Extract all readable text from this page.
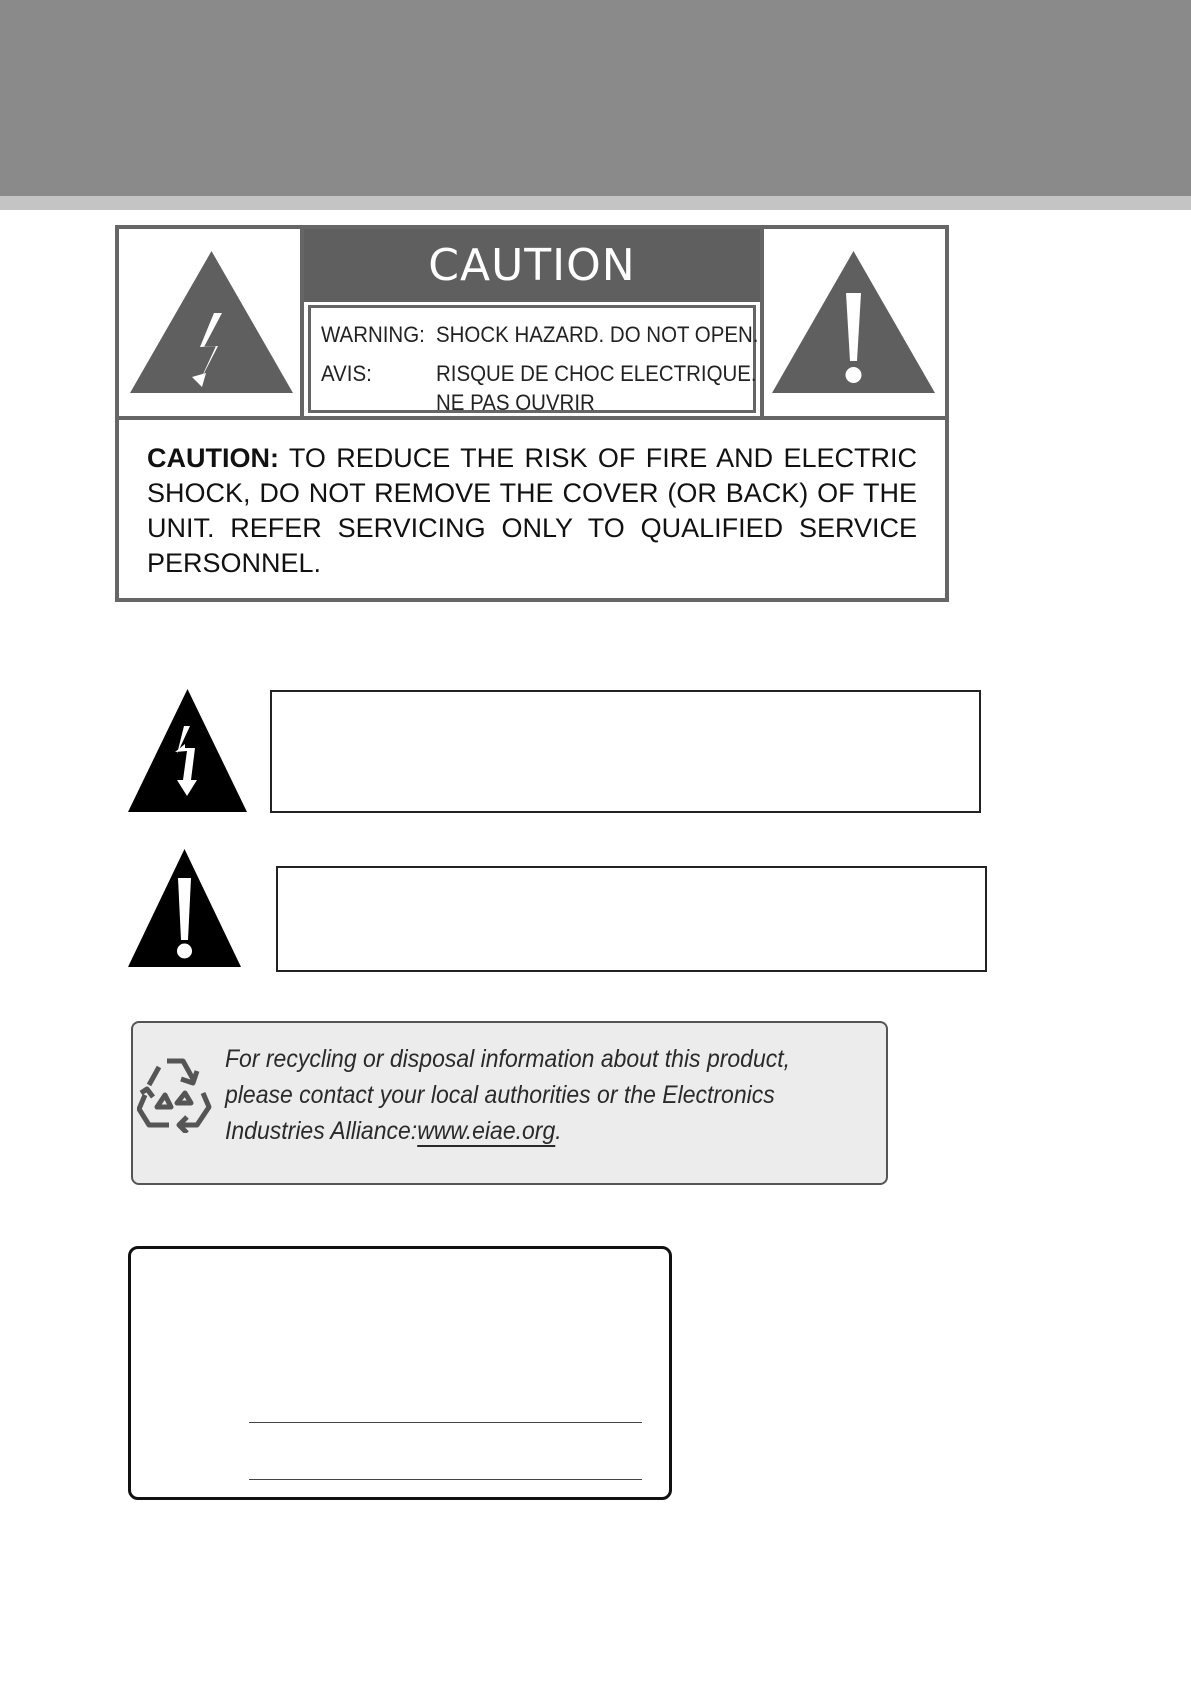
CAUTION
WARNING: SHOCK HAZARD. DO NOT OPEN.
AVIS:	RISQUE DE CHOC ELECTRIQUE.
NE PAS OUVRIR
CAUTION: TO REDUCE THE RISK OF FIRE AND ELECTRIC SHOCK, DO NOT REMOVE THE COVER (OR BACK) OF THE UNIT. REFER SERVICING ONLY TO QUALIFIED SERVICE PERSONNEL.
For recycling or disposal information about this product, please contact your local authorities or the Electronics Industries Alliance:www.eiae.org.
